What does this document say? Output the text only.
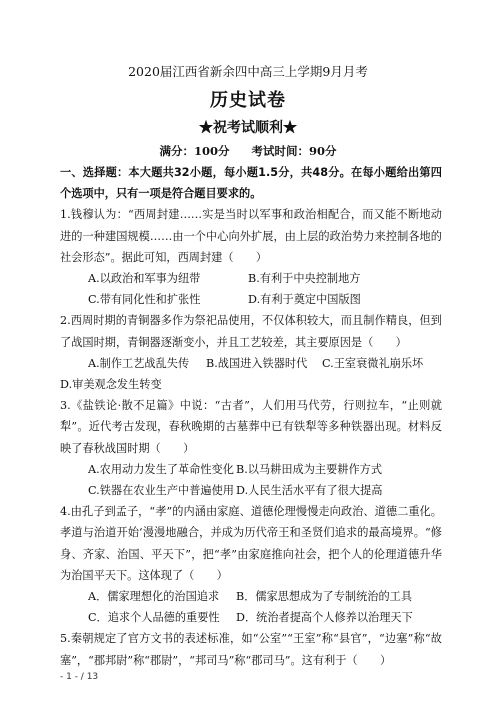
2020届江西省新余四中高三上学期9月月考
历史试卷
★祝考试顺利★
满分：100分 考试时间：90分

一、选择题：本大题共32小题，每小题1.5分，共48分。在每小题给出第四个选项中，只有一项是符合题目要求的。

1.钱穆认为：“西周封建……实是当时以军事和政治相配合，而又能不断地动进的一种建国规模……由一个中心向外扩展，由上层的政治势力来控制各地的社会形态”。据此可知，西周封建（　　）

A.以政治和军事为纽带	B.有利于中央控制地方

C.带有同化性和扩张性	D.有利于奠定中国版图

2.西周时期的青铜器多作为祭祀品使用，不仅体积较大，而且制作精良，但到了战国时期，青铜器逐渐变小，并且工艺较差，其主要原因是（　　）

A.制作工艺战乱失传 B.战国进入铁器时代 C.王室衰微礼崩乐坏

D.审美观念发生转变

3.《盐铁论·散不足篇》中说：“古者”，人们用马代劳，行则拉车，“止则就犁”。近代考古发现，春秋晚期的古墓葬中已有铁犁等多种铁器出现。材料反映了春秋战国时期（　　）

A.农用动力发生了革命性变化 B.以马耕田成为主要耕作方式

C.铁器在农业生产中普遍使用 D.人民生活水平有了很大提高

4.由孔子到孟子，“孝”的内涵由家庭、道德伦理慢慢走向政治、道德二重化。孝道与治道开始‘漫漫地融合，并成为历代帝王和圣贤们追求的最高境界。“修身、齐家、治国、平天下”，把“孝”由家庭推向社会，把个人的伦理道德升华为治国平天下。这体现了（　　）

A．儒家理想化的治国追求 B．儒家思想成为了专制统治的工具

C．追求个人品德的重要性 D．统治者提高个人修养以治理天下

5.秦朝规定了官方文书的表述标准，如“公室”“王室”称“县官”，“边塞”称“故塞”，“郡邦尉”称“郡尉”，“邦司马”称“郡司马”。这有利于（　　）

- 1 - / 13
